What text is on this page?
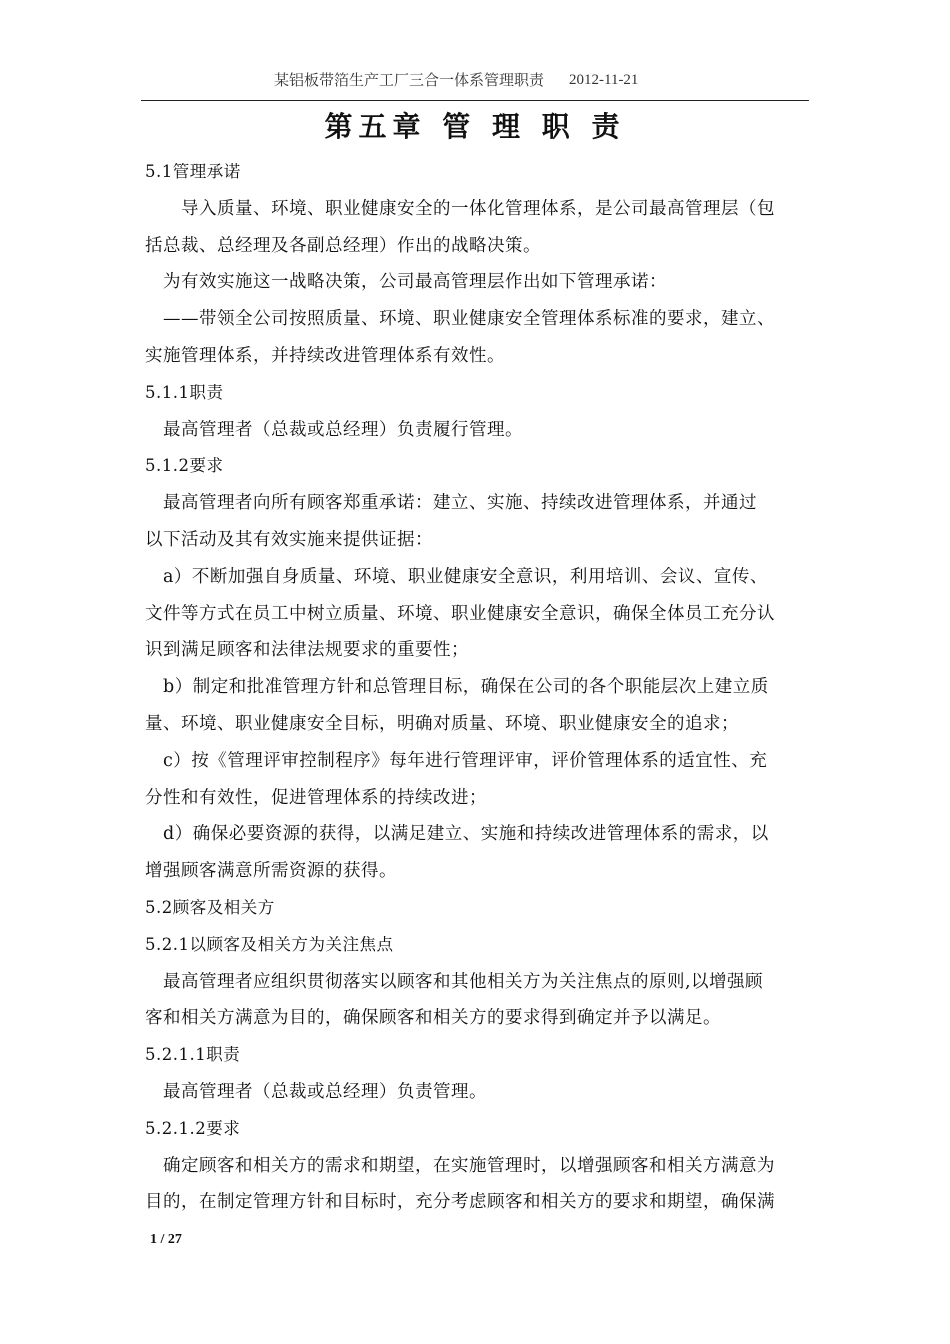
某铝板带箔生产工厂三合一体系管理职责 2012-11-21
第五章 管 理 职 责

5.1管理承诺

导入质量、环境、职业健康安全的一体化管理体系，是公司最高管理层（包

括总裁、总经理及各副总经理）作出的战略决策。

为有效实施这一战略决策，公司最高管理层作出如下管理承诺：

——带领全公司按照质量、环境、职业健康安全管理体系标准的要求，建立、

实施管理体系，并持续改进管理体系有效性。

5.1.1职责

最高管理者（总裁或总经理）负责履行管理。

5.1.2要求

最高管理者向所有顾客郑重承诺：建立、实施、持续改进管理体系，并通过

以下活动及其有效实施来提供证据：

a）不断加强自身质量、环境、职业健康安全意识，利用培训、会议、宣传、

文件等方式在员工中树立质量、环境、职业健康安全意识，确保全体员工充分认

识到满足顾客和法律法规要求的重要性；

b）制定和批准管理方针和总管理目标，确保在公司的各个职能层次上建立质

量、环境、职业健康安全目标，明确对质量、环境、职业健康安全的追求；

c）按《管理评审控制程序》每年进行管理评审，评价管理体系的适宜性、充

分性和有效性，促进管理体系的持续改进；

d）确保必要资源的获得，以满足建立、实施和持续改进管理体系的需求，以

增强顾客满意所需资源的获得。

5.2顾客及相关方

5.2.1以顾客及相关方为关注焦点

最高管理者应组织贯彻落实以顾客和其他相关方为关注焦点的原则,以增强顾

客和相关方满意为目的，确保顾客和相关方的要求得到确定并予以满足。

5.2.1.1职责

最高管理者（总裁或总经理）负责管理。

5.2.1.2要求

确定顾客和相关方的需求和期望，在实施管理时，以增强顾客和相关方满意为

目的，在制定管理方针和目标时，充分考虑顾客和相关方的要求和期望，确保满

1 / 27
